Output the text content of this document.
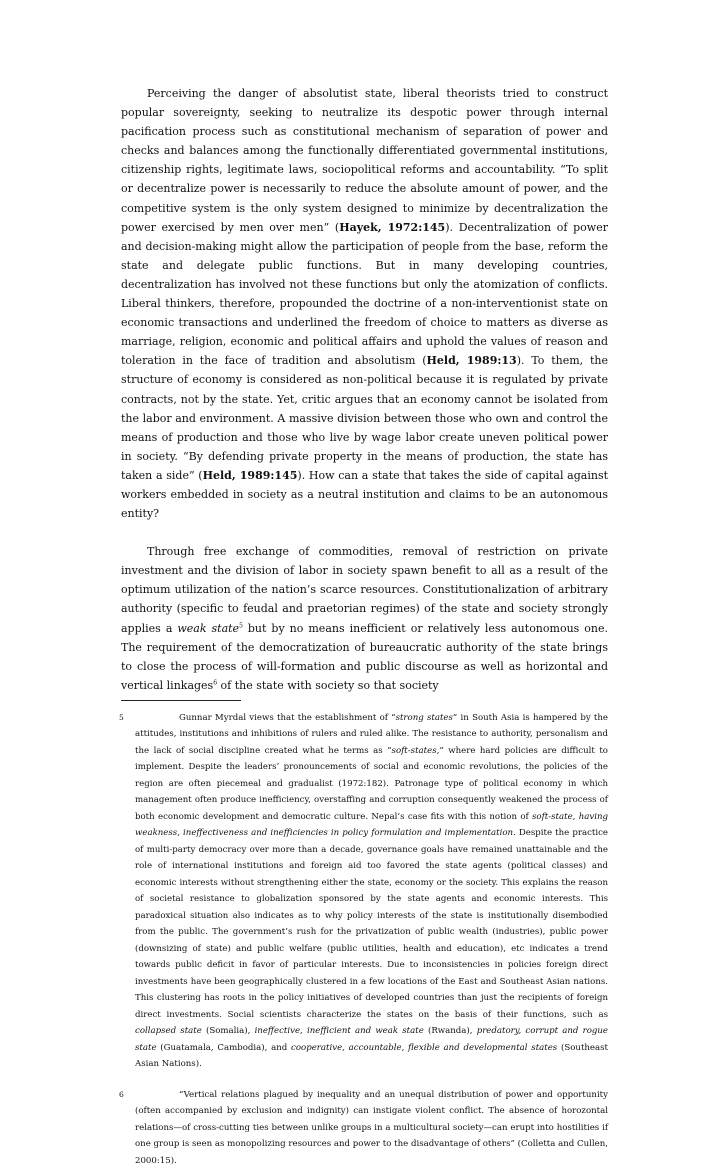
Perceiving the danger of absolutist state, liberal theorists tried to construct popular sovereignty, seeking to neutralize its despotic power through internal pacification process such as constitutional mechanism of separation of power and checks and balances among the functionally differentiated governmental institutions, citizenship rights, legitimate laws, sociopolitical reforms and accountability. “To split or decentralize power is necessarily to reduce the absolute amount of power, and the competitive system is the only system designed to minimize by decentralization the power exercised by men over men” (Hayek, 1972:145). Decentralization of power and decision-making might allow the participation of people from the base, reform the state and delegate public functions. But in many developing countries, decentralization has involved not these functions but only the atomization of conflicts. Liberal thinkers, therefore, propounded the doctrine of a non-interventionist state on economic transactions and underlined the freedom of choice to matters as diverse as marriage, religion, economic and political affairs and uphold the values of reason and toleration in the face of tradition and absolutism (Held, 1989:13). To them, the structure of economy is considered as non-political because it is regulated by private contracts, not by the state. Yet, critic argues that an economy cannot be isolated from the labor and environment. A massive division between those who own and control the means of production and those who live by wage labor create uneven political power in society. “By defending private property in the means of production, the state has taken a side” (Held, 1989:145). How can a state that takes the side of capital against workers embedded in society as a neutral institution and claims to be an autonomous entity?

Through free exchange of commodities, removal of restriction on private investment and the division of labor in society spawn benefit to all as a result of the optimum utilization of the nation’s scarce resources. Constitutionalization of arbitrary authority (specific to feudal and praetorian regimes) of the state and society strongly applies a weak state$^5$ but by no means inefficient or relatively less autonomous one. The requirement of the democratization of bureaucratic authority of the state brings to close the process of will-formation and public discourse as well as horizontal and vertical linkages$^6$ of the state with society so that society

5	Gunnar Myrdal views that the establishment of “strong states” in South Asia is hampered by the attitudes, institutions and inhibitions of rulers and ruled alike. The resistance to authority, personalism and the lack of social discipline created what he terms as “soft-states,” where hard policies are difficult to implement. Despite the leaders’ pronouncements of social and economic revolutions, the policies of the region are often piecemeal and gradualist (1972:182). Patronage type of political economy in which management often produce inefficiency, overstaffing and corruption consequently weakened the process of both economic development and democratic culture. Nepal’s case fits with this notion of soft-state, having weakness, ineffectiveness and inefficiencies in policy formulation and implementation. Despite the practice of multi-party democracy over more than a decade, governance goals have remained unattainable and the role of international institutions and foreign aid too favored the state agents (political classes) and economic interests without strengthening either the state, economy or the society. This explains the reason of societal resistance to globalization sponsored by the state agents and economic interests. This paradoxical situation also indicates as to why policy interests of the state is institutionally disembodied from the public. The government’s rush for the privatization of public wealth (industries), public power (downsizing of state) and public welfare (public utilities, health and education), etc indicates a trend towards public deficit in favor of particular interests. Due to inconsistencies in policies foreign direct investments have been geographically clustered in a few locations of the East and Southeast Asian nations. This clustering has roots in the policy initiatives of developed countries than just the recipients of foreign direct investments. Social scientists characterize the states on the basis of their functions, such as collapsed state (Somalia), ineffective, inefficient and weak state (Rwanda), predatory, corrupt and rogue state (Guatamala, Cambodia), and cooperative, accountable, flexible and developmental states (Southeast Asian Nations).

6	“Vertical relations plagued by inequality and an unequal distribution of power and opportunity (often accompanied by exclusion and indignity) can instigate violent conflict. The absence of horozontal relations—of cross-cutting ties between unlike groups in a multicultural society—can erupt into hostilities if one group is seen as monopolizing resources and power to the disadvantage of others” (Colletta and Cullen, 2000:15).
